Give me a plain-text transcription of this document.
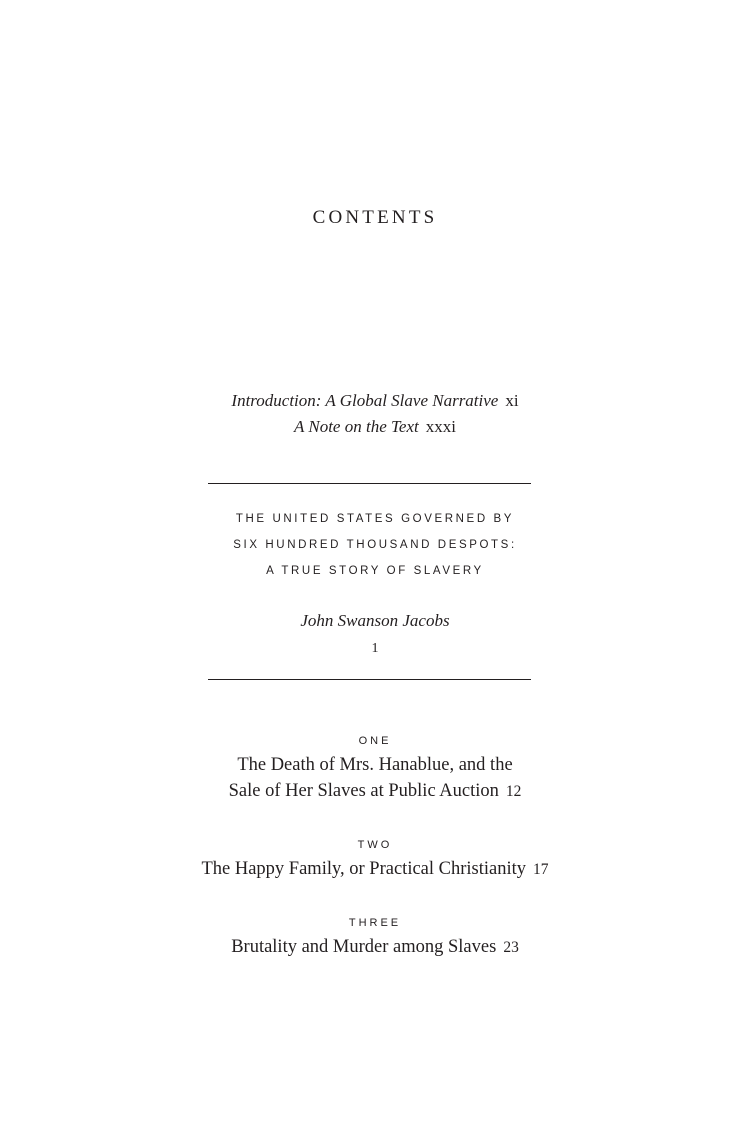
CONTENTS
Introduction: A Global Slave Narrative xi
A Note on the Text xxxi
THE UNITED STATES GOVERNED BY
SIX HUNDRED THOUSAND DESPOTS:
A TRUE STORY OF SLAVERY
John Swanson Jacobs
1
ONE
The Death of Mrs. Hanablue, and the
Sale of Her Slaves at Public Auction 12
TWO
The Happy Family, or Practical Christianity 17
THREE
Brutality and Murder among Slaves 23
